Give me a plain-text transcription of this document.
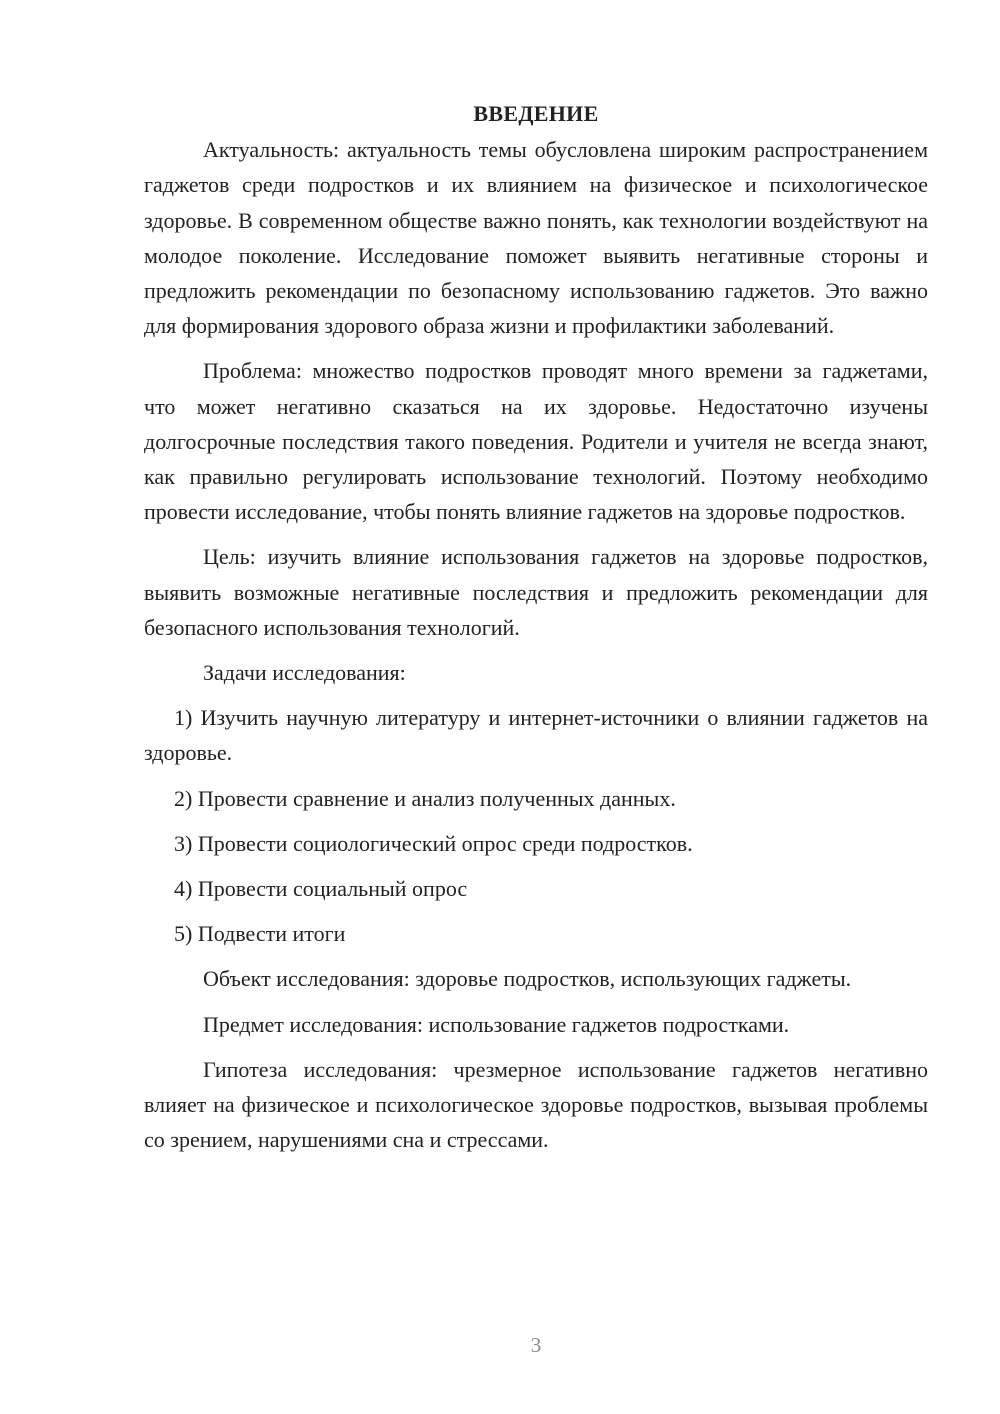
ВВЕДЕНИЕ

Актуальность: актуальность темы обусловлена широким распространением гаджетов среди подростков и их влиянием на физическое и психологическое здоровье. В современном обществе важно понять, как технологии воздействуют на молодое поколение. Исследование поможет выявить негативные стороны и предложить рекомендации по безопасному использованию гаджетов. Это важно для формирования здорового образа жизни и профилактики заболеваний.

Проблема: множество подростков проводят много времени за гаджетами, что может негативно сказаться на их здоровье. Недостаточно изучены долгосрочные последствия такого поведения. Родители и учителя не всегда знают, как правильно регулировать использование технологий. Поэтому необходимо провести исследование, чтобы понять влияние гаджетов на здоровье подростков.

Цель: изучить влияние использования гаджетов на здоровье подростков, выявить возможные негативные последствия и предложить рекомендации для безопасного использования технологий.

Задачи исследования:

1) Изучить научную литературу и интернет-источники о влиянии гаджетов на здоровье.

2) Провести сравнение и анализ полученных данных.

3) Провести социологический опрос среди подростков.

4) Провести социальный опрос

5) Подвести итоги

Объект исследования: здоровье подростков, использующих гаджеты.

Предмет исследования: использование гаджетов подростками.

Гипотеза исследования: чрезмерное использование гаджетов негативно влияет на физическое и психологическое здоровье подростков, вызывая проблемы со зрением, нарушениями сна и стрессами.

3
